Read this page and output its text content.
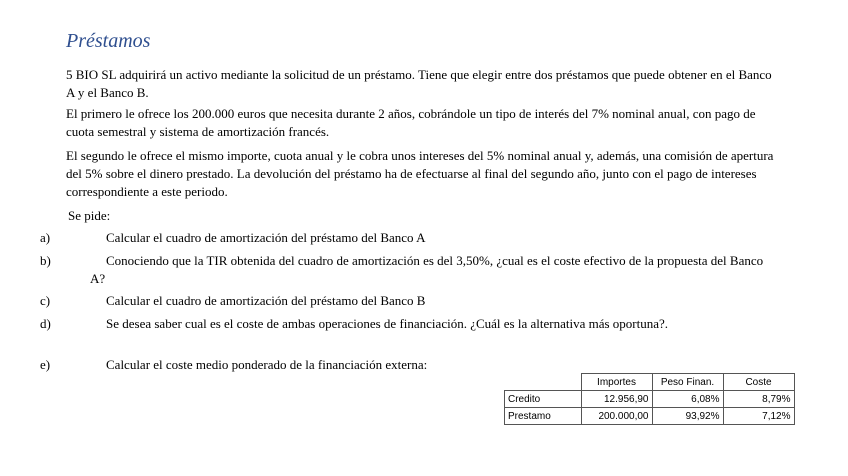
Préstamos
5 BIO SL adquirirá un activo mediante la solicitud de un préstamo. Tiene que elegir entre dos préstamos que puede obtener en el Banco A y el Banco B.
El primero le ofrece los 200.000 euros que necesita durante 2 años, cobrándole un tipo de interés del 7% nominal anual, con pago de cuota semestral y sistema de amortización francés.
El segundo le ofrece el mismo importe, cuota anual y le cobra unos intereses del 5% nominal anual y, además, una comisión de apertura del 5% sobre el dinero prestado. La devolución del préstamo ha de efectuarse al final del segundo año, junto con el pago de intereses correspondiente a este periodo.
Se pide:
a)	Calcular el cuadro de amortización del préstamo del Banco A
b)	Conociendo que la TIR obtenida del cuadro de amortización es del 3,50%, ¿cual es el coste efectivo de la propuesta del Banco A?
c)	Calcular el cuadro de amortización del préstamo del Banco B
d)	Se desea saber cual es el coste de ambas operaciones de financiación. ¿Cuál es la alternativa más oportuna?.
e)	Calcular el coste medio ponderado de la financiación externa:
	Importes	Peso Finan.	Coste
Credito	12.956,90	6,08%	8,79%
Prestamo	200.000,00	93,92%	7,12%
